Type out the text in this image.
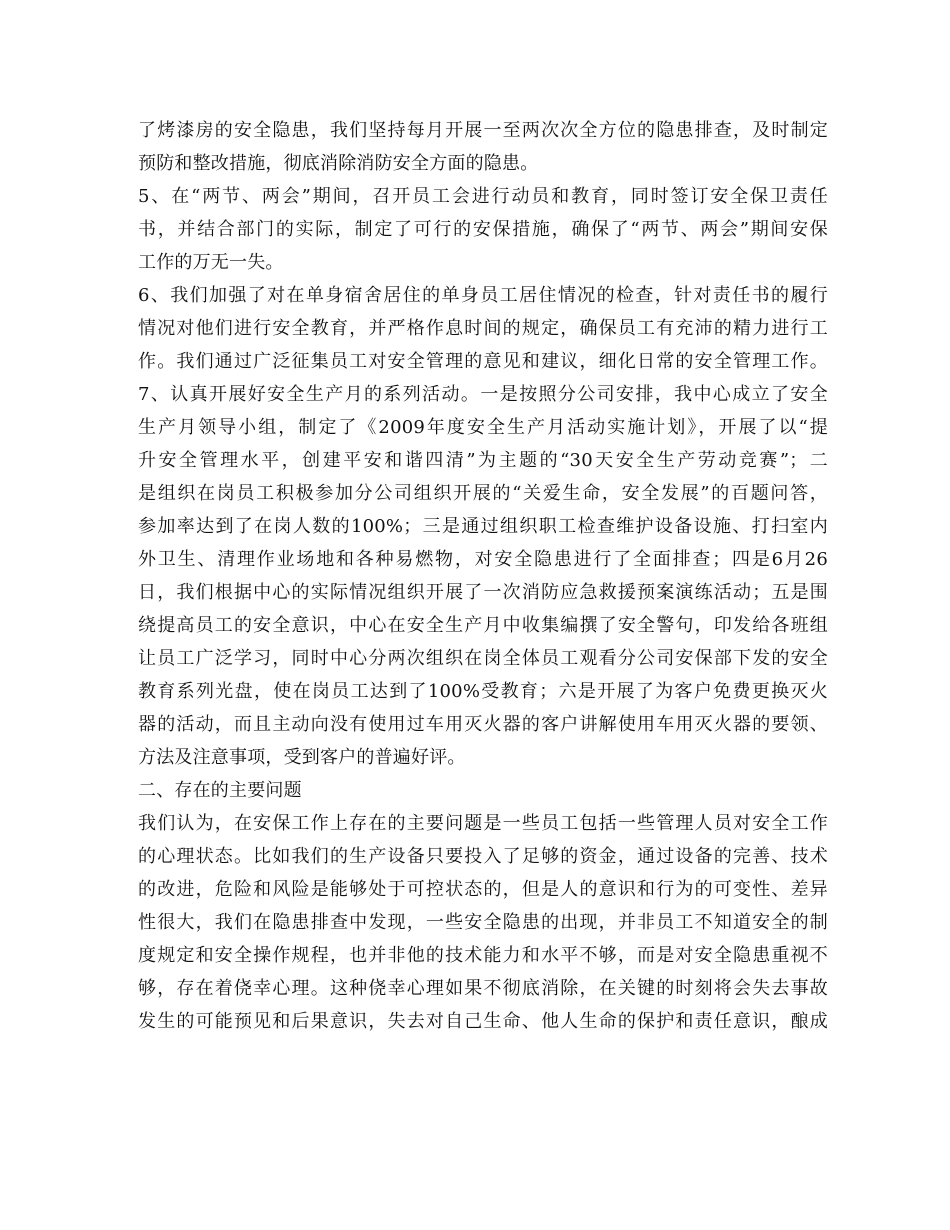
了烤漆房的安全隐患，我们坚持每月开展一至两次次全方位的隐患排查，及时制定
预防和整改措施，彻底消除消防安全方面的隐患。
5、在“两节、两会”期间，召开员工会进行动员和教育，同时签订安全保卫责任
书，并结合部门的实际，制定了可行的安保措施，确保了“两节、两会”期间安保
工作的万无一失。
6、我们加强了对在单身宿舍居住的单身员工居住情况的检查，针对责任书的履行
情况对他们进行安全教育，并严格作息时间的规定，确保员工有充沛的精力进行工
作。我们通过广泛征集员工对安全管理的意见和建议，细化日常的安全管理工作。
7、认真开展好安全生产月的系列活动。一是按照分公司安排，我中心成立了安全
生产月领导小组，制定了《2009年度安全生产月活动实施计划》，开展了以“提
升安全管理水平，创建平安和谐四清”为主题的“30天安全生产劳动竞赛”；二
是组织在岗员工积极参加分公司组织开展的“关爱生命，安全发展”的百题问答，
参加率达到了在岗人数的100%；三是通过组织职工检查维护设备设施、打扫室内
外卫生、清理作业场地和各种易燃物，对安全隐患进行了全面排查；四是6月26
日，我们根据中心的实际情况组织开展了一次消防应急救援预案演练活动；五是围
绕提高员工的安全意识，中心在安全生产月中收集编撰了安全警句，印发给各班组
让员工广泛学习，同时中心分两次组织在岗全体员工观看分公司安保部下发的安全
教育系列光盘，使在岗员工达到了100%受教育；六是开展了为客户免费更换灭火
器的活动，而且主动向没有使用过车用灭火器的客户讲解使用车用灭火器的要领、
方法及注意事项，受到客户的普遍好评。
二、存在的主要问题
我们认为，在安保工作上存在的主要问题是一些员工包括一些管理人员对安全工作
的心理状态。比如我们的生产设备只要投入了足够的资金，通过设备的完善、技术
的改进，危险和风险是能够处于可控状态的，但是人的意识和行为的可变性、差异
性很大，我们在隐患排查中发现，一些安全隐患的出现，并非员工不知道安全的制
度规定和安全操作规程，也并非他的技术能力和水平不够，而是对安全隐患重视不
够，存在着侥幸心理。这种侥幸心理如果不彻底消除，在关键的时刻将会失去事故
发生的可能预见和后果意识，失去对自己生命、他人生命的保护和责任意识，酿成
